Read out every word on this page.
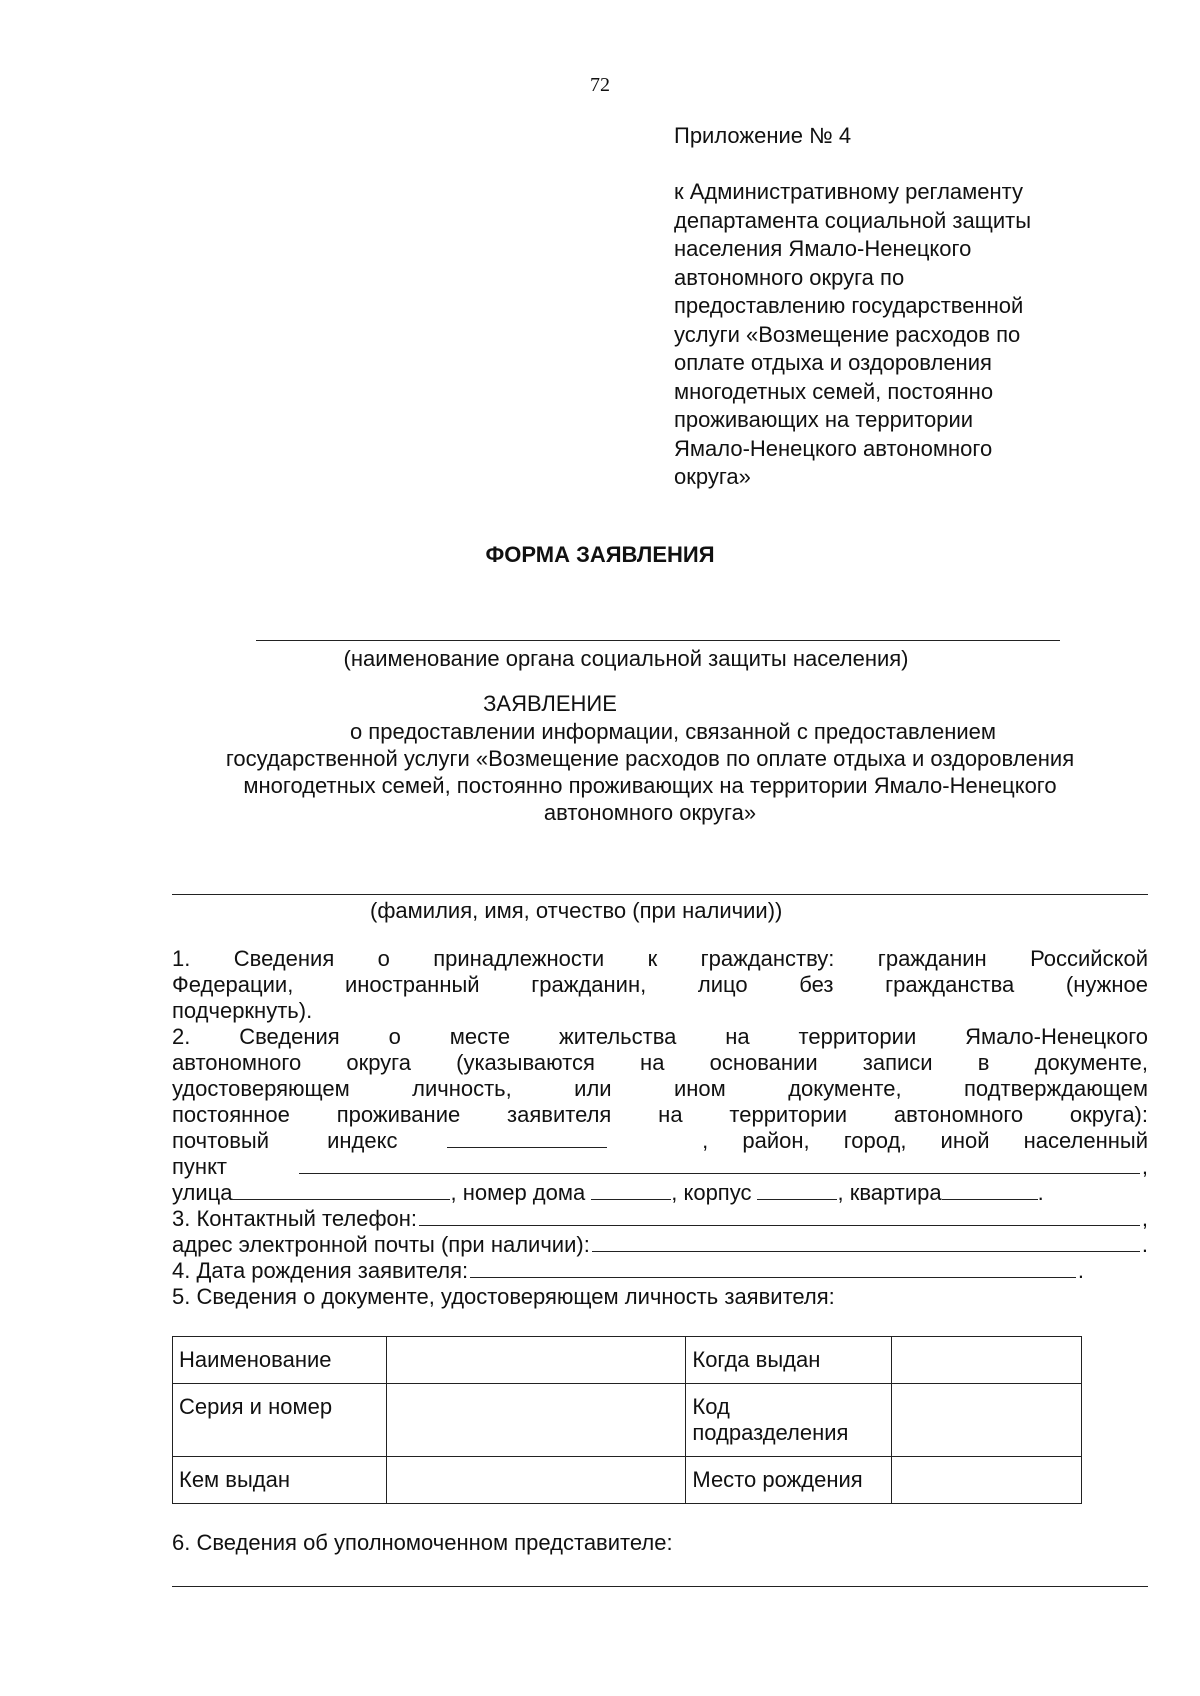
72
Приложение № 4
к Административному регламенту
департамента социальной защиты
населения Ямало-Ненецкого
автономного округа по
предоставлению государственной
услуги «Возмещение расходов по
оплате отдыха и оздоровления
многодетных семей, постоянно
проживающих на территории
Ямало-Ненецкого автономного
округа»
ФОРМА ЗАЯВЛЕНИЯ
(наименование органа социальной защиты населения)
ЗАЯВЛЕНИЕ
о предоставлении информации, связанной с предоставлением
государственной услуги «Возмещение расходов по оплате отдыха и оздоровления
многодетных семей, постоянно проживающих на территории Ямало-Ненецкого
автономного округа»
(фамилия, имя, отчество (при наличии))
1. Сведения о принадлежности к гражданству: гражданин Российской
Федерации, иностранный гражданин, лицо без гражданства (нужное
подчеркнуть).
2. Сведения о месте жительства на территории Ямало-Ненецкого
автономного округа (указываются на основании записи в документе,
удостоверяющем личность, или ином документе, подтверждающем
постоянное проживание заявителя на территории автономного округа):
почтовый индекс	, район, город, иной населенный
пункт	,
улица	, номер дома	, корпус	, квартира	.
3. Контактный телефон:	,
адрес электронной почты (при наличии):	.
4. Дата рождения заявителя:	.
5. Сведения о документе, удостоверяющем личность заявителя:
Наименование		Когда выдан	
Серия и номер		Код подразделения	
Кем выдан		Место рождения	
6. Сведения об уполномоченном представителе:
